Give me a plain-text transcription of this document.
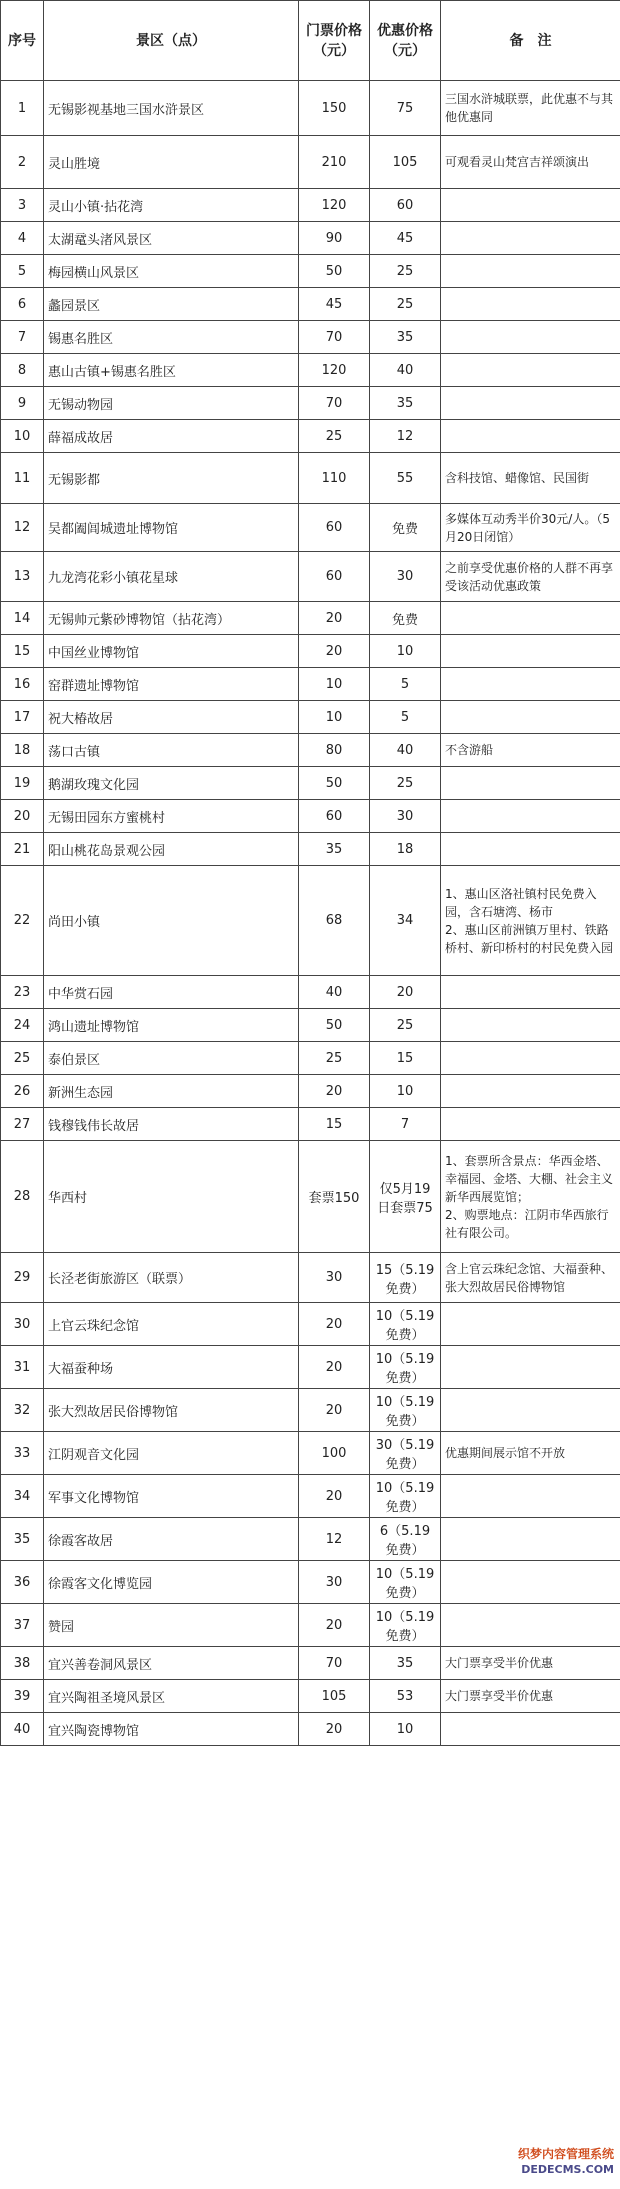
序号	景区（点）	门票价格（元）	优惠价格（元）	备　注
1	无锡影视基地三国水浒景区	150	75	三国水浒城联票，此优惠不与其他优惠同
2	灵山胜境	210	105	可观看灵山梵宫吉祥颂演出
3	灵山小镇·拈花湾	120	60	
4	太湖鼋头渚风景区	90	45	
5	梅园横山风景区	50	25	
6	蠡园景区	45	25	
7	锡惠名胜区	70	35	
8	惠山古镇+锡惠名胜区	120	40	
9	无锡动物园	70	35	
10	薛福成故居	25	12	
11	无锡影都	110	55	含科技馆、蜡像馆、民国街
12	吴都阖闾城遗址博物馆	60	免费	多媒体互动秀半价30元/人。（5月20日闭馆）
13	九龙湾花彩小镇花星球	60	30	之前享受优惠价格的人群不再享受该活动优惠政策
14	无锡帅元紫砂博物馆（拈花湾）	20	免费	
15	中国丝业博物馆	20	10	
16	窑群遗址博物馆	10	5	
17	祝大椿故居	10	5	
18	荡口古镇	80	40	不含游船
19	鹅湖玫瑰文化园	50	25	
20	无锡田园东方蜜桃村	60	30	
21	阳山桃花岛景观公园	35	18	
22	尚田小镇	68	34	1、惠山区洛社镇村民免费入园，含石塘湾、杨市
2、惠山区前洲镇万里村、铁路桥村、新印桥村的村民免费入园
23	中华赏石园	40	20	
24	鸿山遗址博物馆	50	25	
25	泰伯景区	25	15	
26	新洲生态园	20	10	
27	钱穆钱伟长故居	15	7	
28	华西村	套票150	仅5月19日套票75	1、套票所含景点：华西金塔、幸福园、金塔、大棚、社会主义新华西展览馆；
2、购票地点：江阴市华西旅行社有限公司。
29	长泾老街旅游区（联票）	30	15（5.19免费）	含上官云珠纪念馆、大福蚕种、张大烈故居民俗博物馆
30	上官云珠纪念馆	20	10（5.19免费）	
31	大福蚕种场	20	10（5.19免费）	
32	张大烈故居民俗博物馆	20	10（5.19免费）	
33	江阴观音文化园	100	30（5.19免费）	优惠期间展示馆不开放
34	军事文化博物馆	20	10（5.19免费）	
35	徐霞客故居	12	6（5.19免费）	
36	徐霞客文化博览园	30	10（5.19免费）	
37	赞园	20	10（5.19免费）	
38	宜兴善卷洞风景区	70	35	大门票享受半价优惠
39	宜兴陶祖圣境风景区	105	53	大门票享受半价优惠
40	宜兴陶瓷博物馆	20	10	
织梦内容管理系统
DEDECMS.COM
